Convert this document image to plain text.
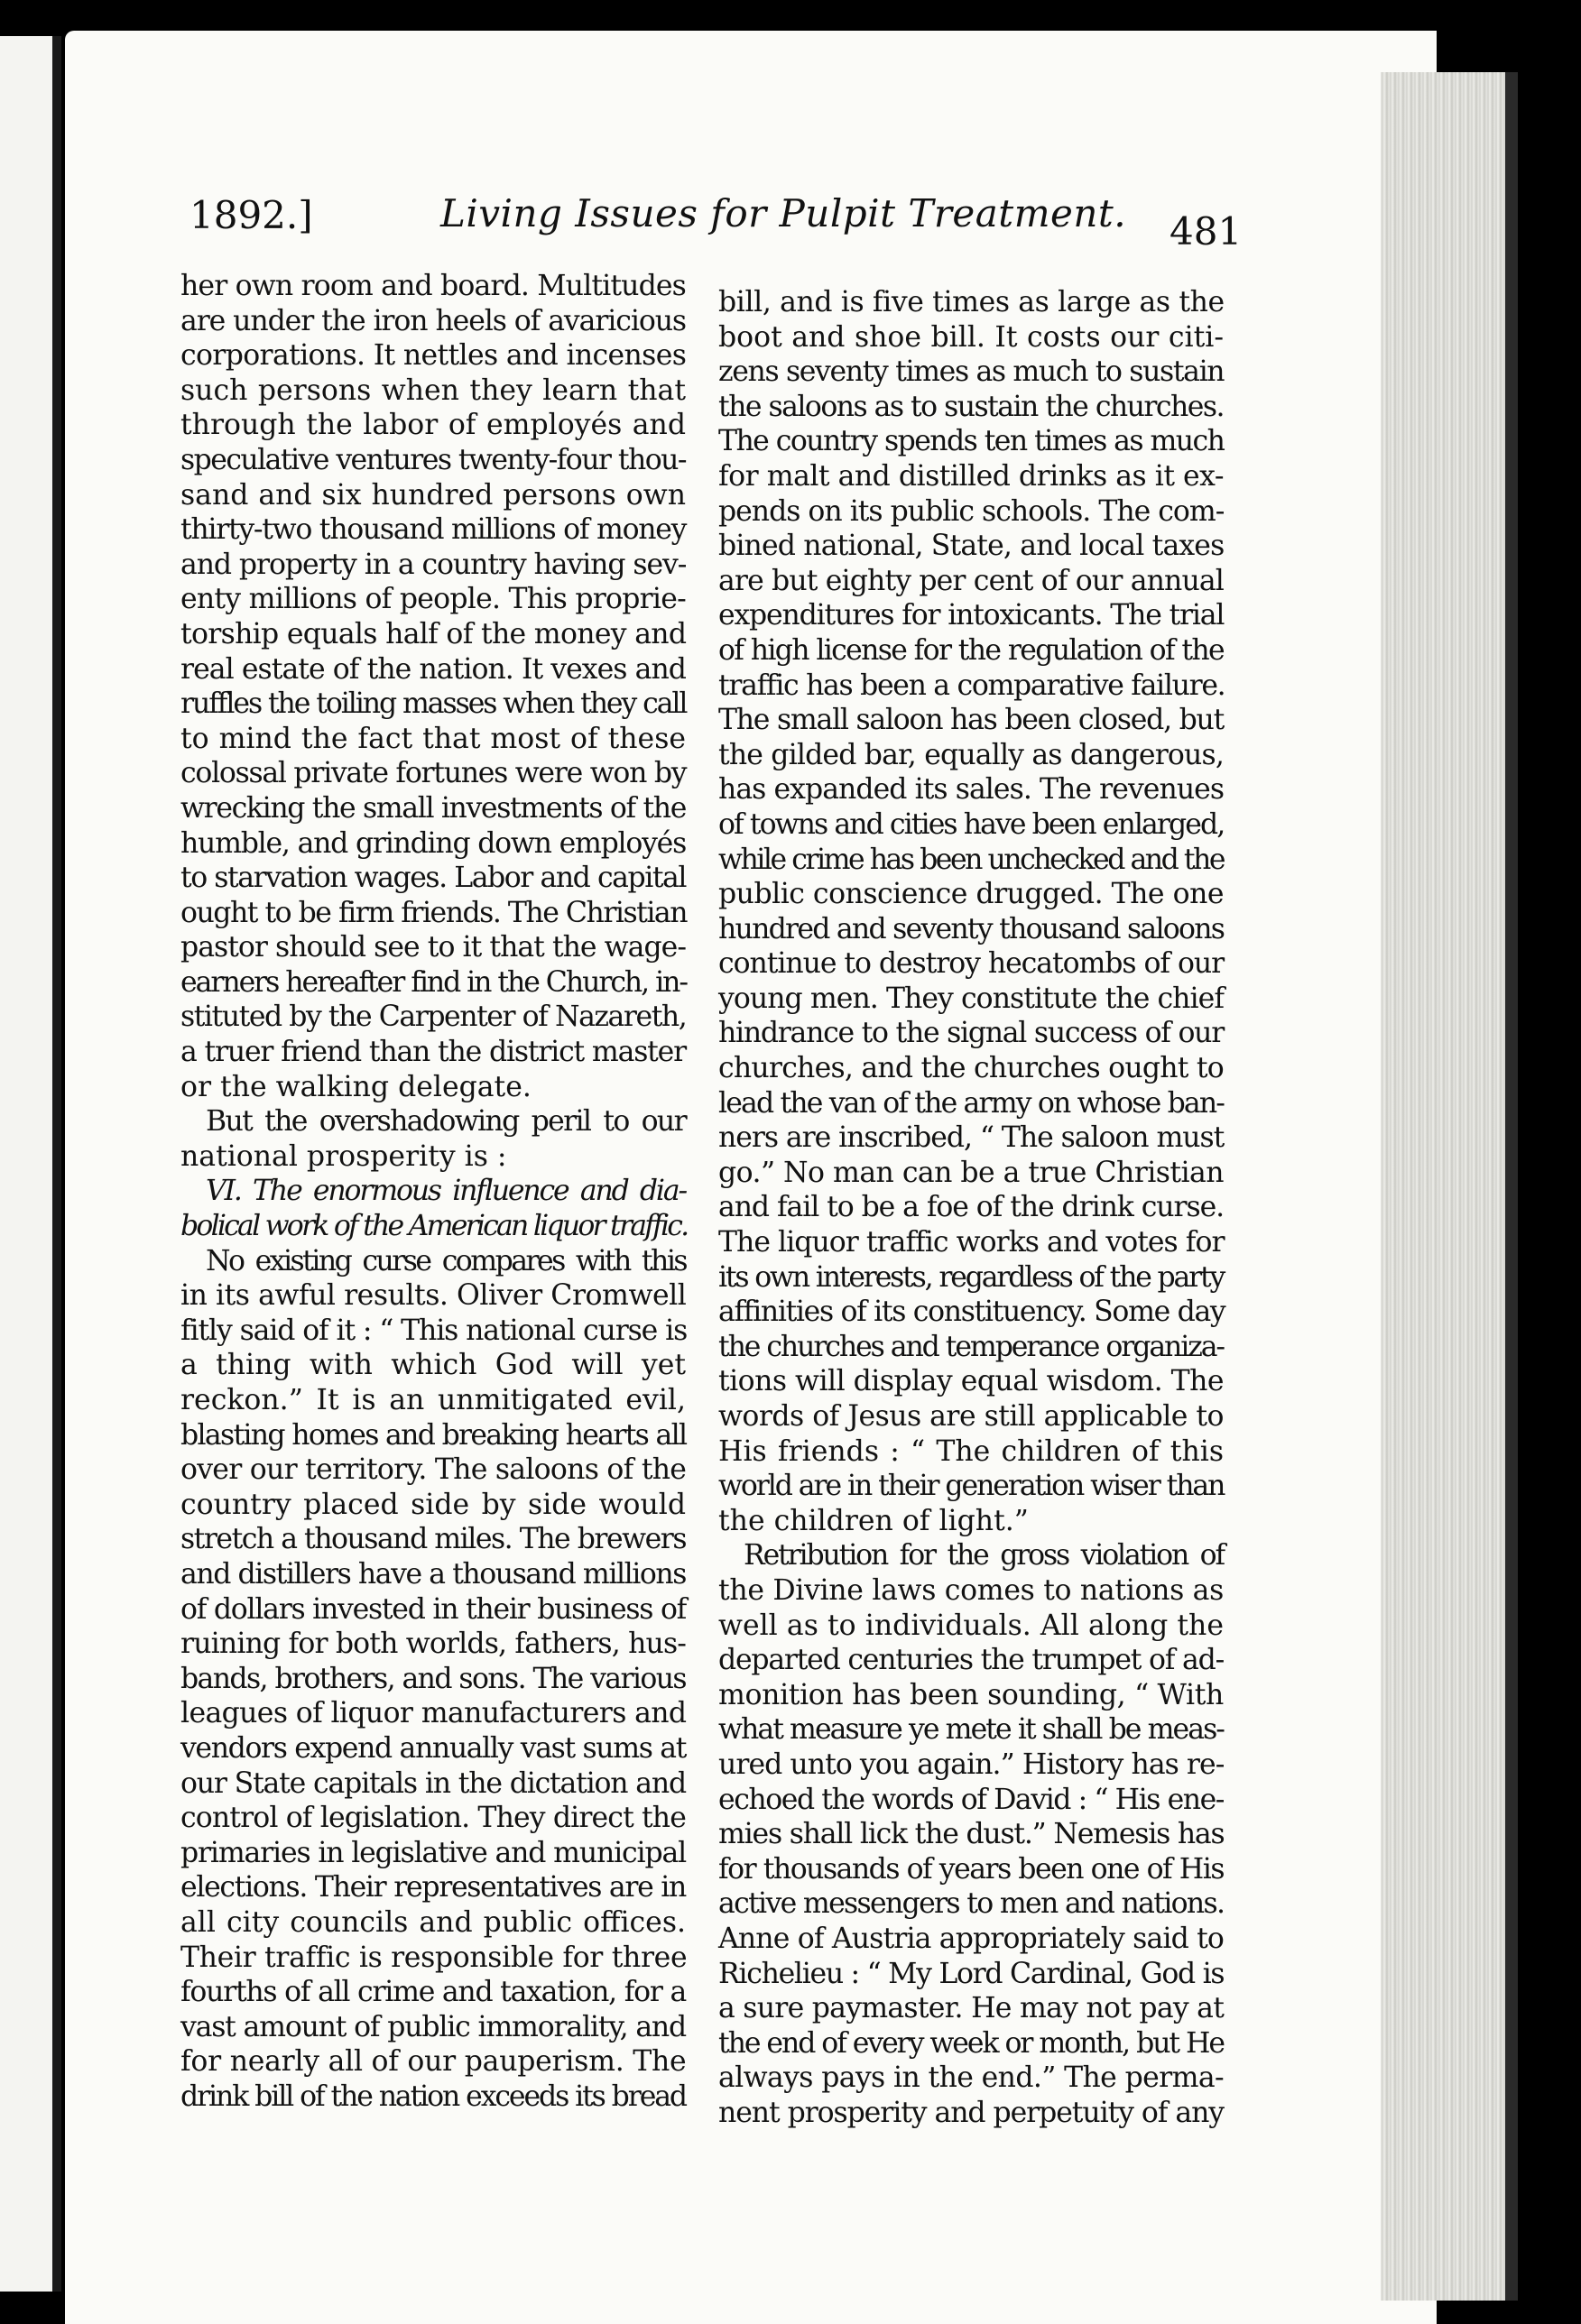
1892.]	Living Issues for Pulpit Treatment. 481
her own room and board. Multitudes
are under the iron heels of avaricious
corporations. It nettles and incenses
such persons when they learn that
through the labor of employés and
speculative ventures twenty-four thou-
sand and six hundred persons own
thirty-two thousand millions of money
and property in a country having sev-
enty millions of people. This proprie-
torship equals half of the money and
real estate of the nation. It vexes and
ruffles the toiling masses when they call
to mind the fact that most of these
colossal private fortunes were won by
wrecking the small investments of the
humble, and grinding down employés
to starvation wages. Labor and capital
ought to be firm friends. The Christian
pastor should see to it that the wage-
earners hereafter find in the Church, in-
stituted by the Carpenter of Nazareth,
a truer friend than the district master
or the walking delegate.
But the overshadowing peril to our
national prosperity is :
VI. The enormous influence and dia-
bolical work of the American liquor traffic.
No existing curse compares with this
in its awful results. Oliver Cromwell
fitly said of it : “ This national curse is
a thing with which God will yet
reckon.” It is an unmitigated evil,
blasting homes and breaking hearts all
over our territory. The saloons of the
country placed side by side would
stretch a thousand miles. The brewers
and distillers have a thousand millions
of dollars invested in their business of
ruining for both worlds, fathers, hus-
bands, brothers, and sons. The various
leagues of liquor manufacturers and
vendors expend annually vast sums at
our State capitals in the dictation and
control of legislation. They direct the
primaries in legislative and municipal
elections. Their representatives are in
all city councils and public offices.
Their traffic is responsible for three
fourths of all crime and taxation, for a
vast amount of public immorality, and
for nearly all of our pauperism. The
drink bill of the nation exceeds its bread
bill, and is five times as large as the
boot and shoe bill. It costs our citi-
zens seventy times as much to sustain
the saloons as to sustain the churches.
The country spends ten times as much
for malt and distilled drinks as it ex-
pends on its public schools. The com-
bined national, State, and local taxes
are but eighty per cent of our annual
expenditures for intoxicants. The trial
of high license for the regulation of the
traffic has been a comparative failure.
The small saloon has been closed, but
the gilded bar, equally as dangerous,
has expanded its sales. The revenues
of towns and cities have been enlarged,
while crime has been unchecked and the
public conscience drugged. The one
hundred and seventy thousand saloons
continue to destroy hecatombs of our
young men. They constitute the chief
hindrance to the signal success of our
churches, and the churches ought to
lead the van of the army on whose ban-
ners are inscribed, “ The saloon must
go.” No man can be a true Christian
and fail to be a foe of the drink curse.
The liquor traffic works and votes for
its own interests, regardless of the party
affinities of its constituency. Some day
the churches and temperance organiza-
tions will display equal wisdom. The
words of Jesus are still applicable to
His friends : “ The children of this
world are in their generation wiser than
the children of light.”
Retribution for the gross violation of
the Divine laws comes to nations as
well as to individuals. All along the
departed centuries the trumpet of ad-
monition has been sounding, “ With
what measure ye mete it shall be meas-
ured unto you again.” History has re-
echoed the words of David : “ His ene-
mies shall lick the dust.” Nemesis has
for thousands of years been one of His
active messengers to men and nations.
Anne of Austria appropriately said to
Richelieu : “ My Lord Cardinal, God is
a sure paymaster. He may not pay at
the end of every week or month, but He
always pays in the end.” The perma-
nent prosperity and perpetuity of any
